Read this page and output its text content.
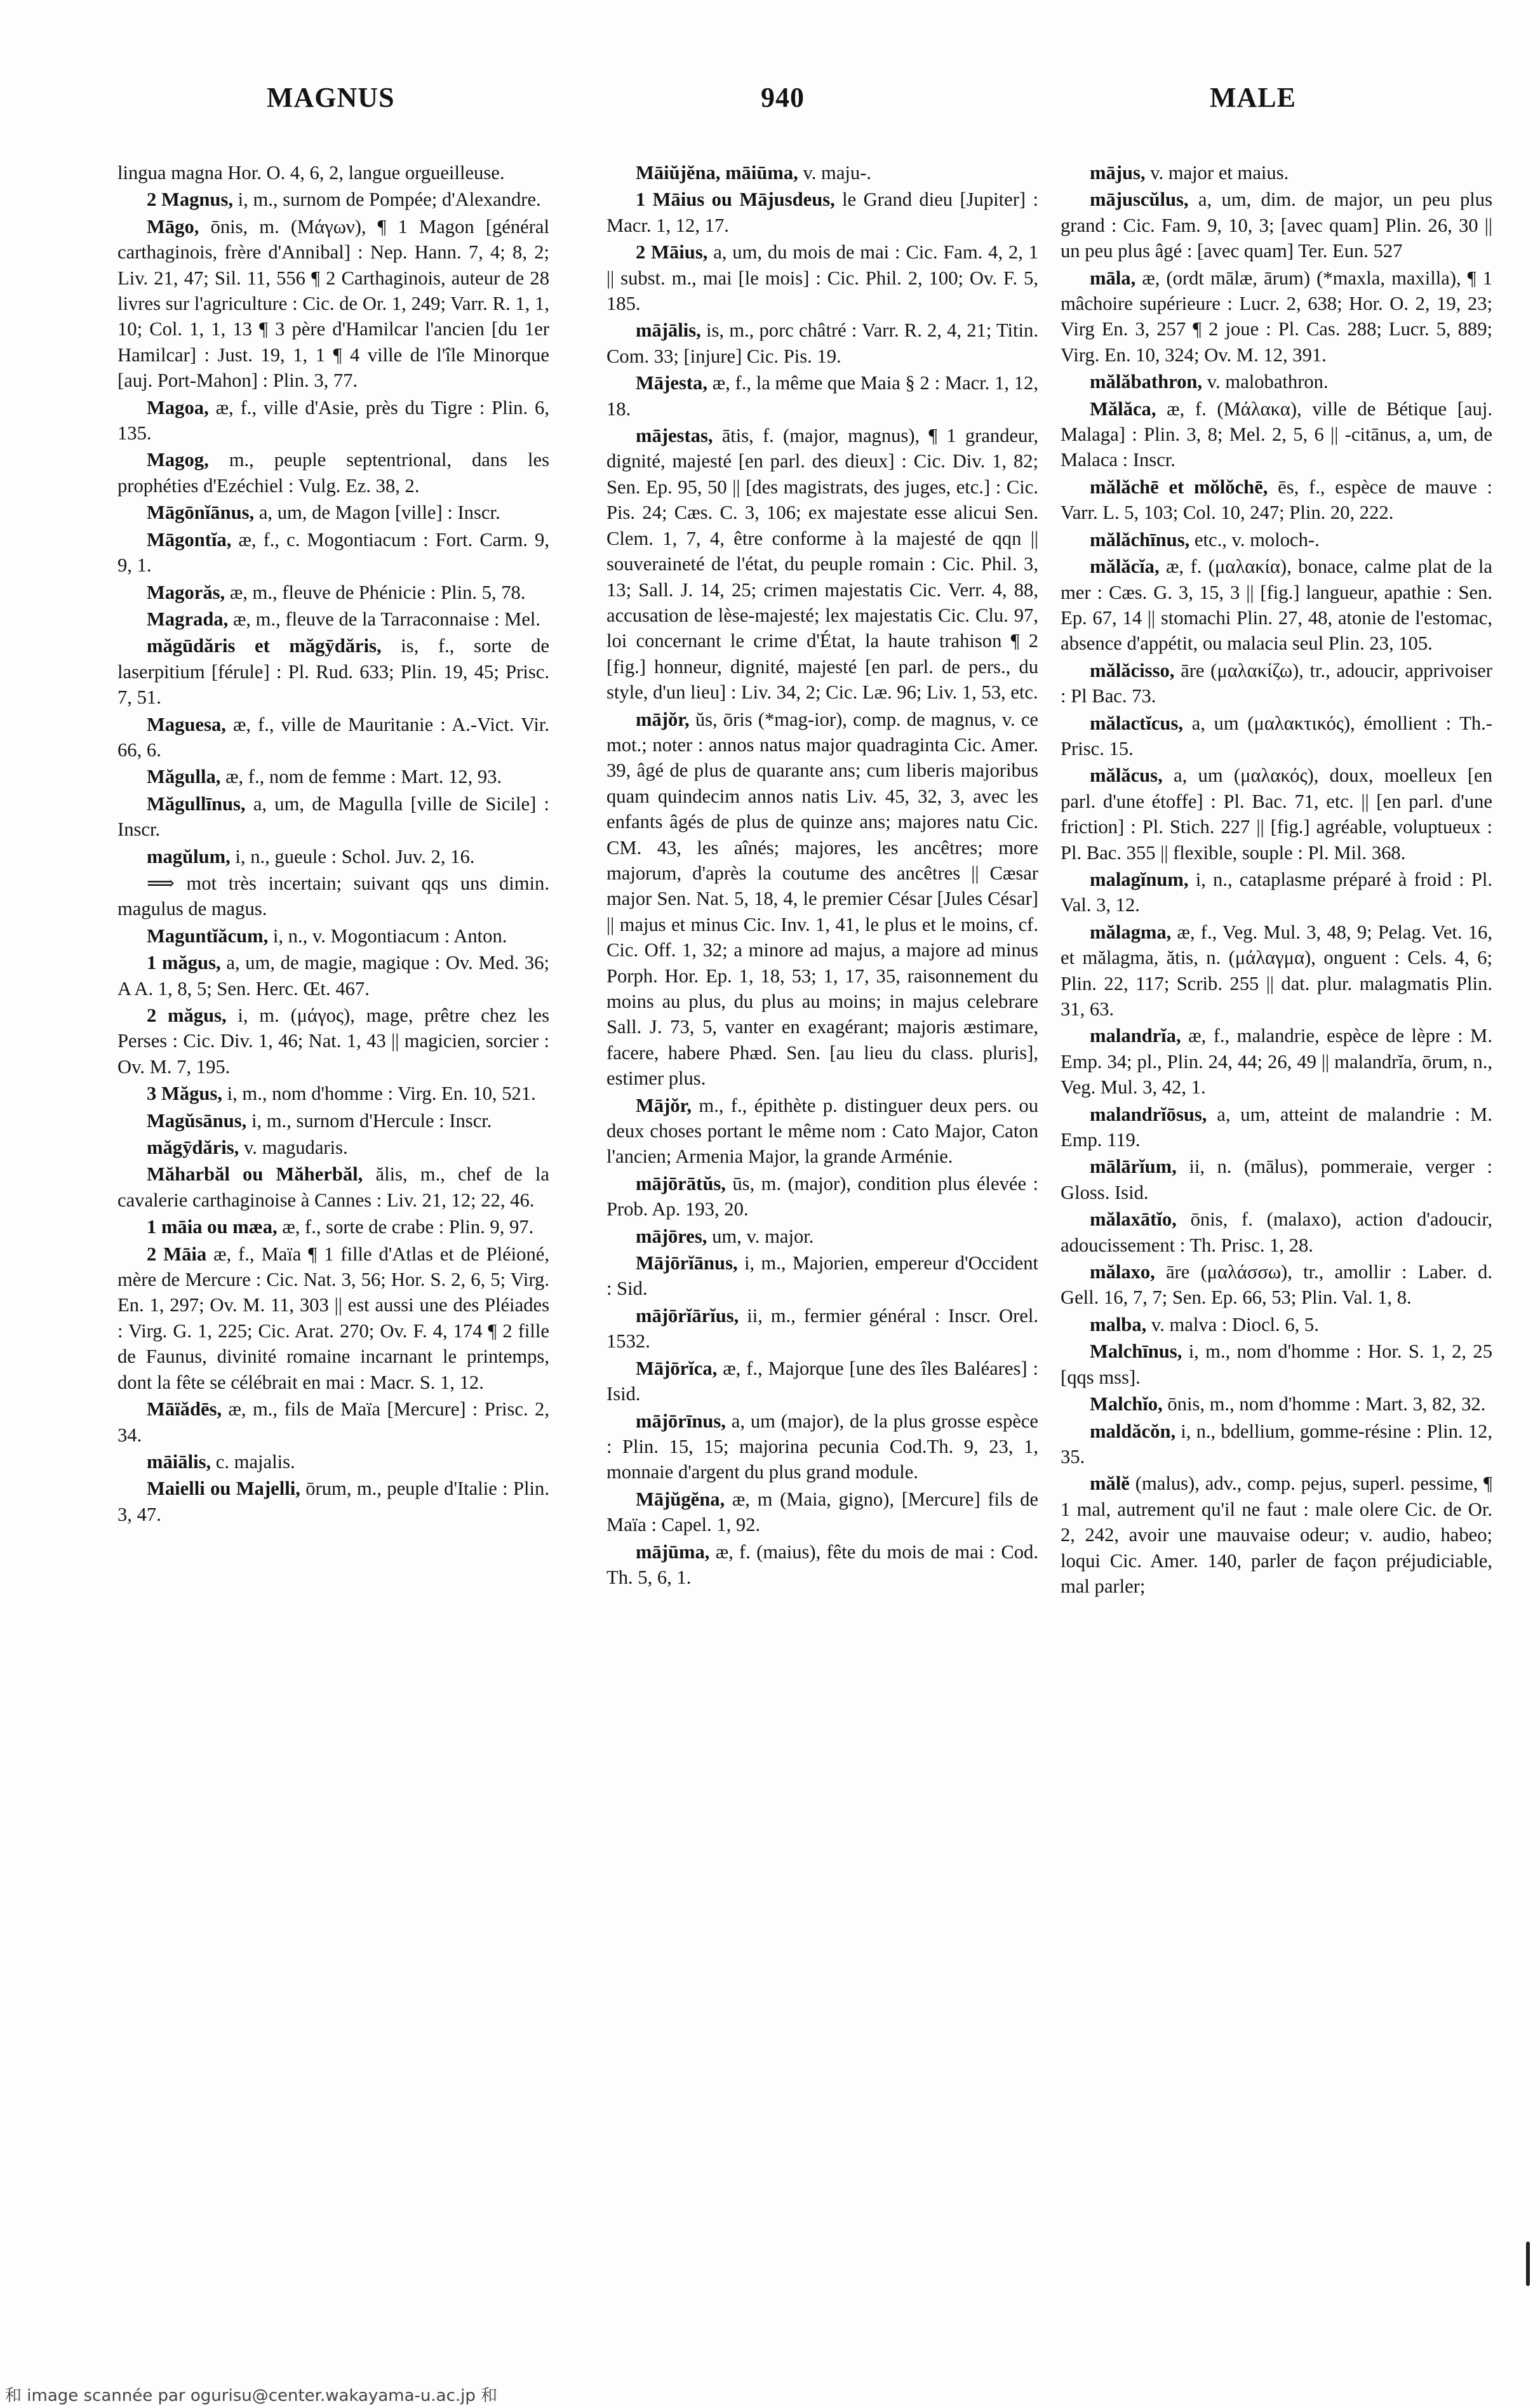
MAGNUS	940	MALE
lingua magna Hor. O. 4, 6, 2, langue orgueilleuse.
2 Magnus, i, m., surnom de Pompée; d'Alexandre.
Māgo, ōnis, m. (Μάγων), ¶ 1 Magon [général carthaginois, frère d'Annibal] : Nep. Hann. 7, 4; 8, 2; Liv. 21, 47; Sil. 11, 556 ¶ 2 Carthaginois, auteur de 28 livres sur l'agriculture : Cic. de Or. 1, 249; Varr. R. 1, 1, 10; Col. 1, 1, 13 ¶ 3 père d'Hamilcar l'ancien [du 1er Hamilcar] : Just. 19, 1, 1 ¶ 4 ville de l'île Minorque [auj. Port-Mahon] : Plin. 3, 77.
Magoa, æ, f., ville d'Asie, près du Tigre : Plin. 6, 135.
Magog, m., peuple septentrional, dans les prophéties d'Ezéchiel : Vulg. Ez. 38, 2.
Māgōnĭānus, a, um, de Magon [ville] : Inscr.
Māgontĭa, æ, f., c. Mogontiacum : Fort. Carm. 9, 9, 1.
Magorăs, æ, m., fleuve de Phénicie : Plin. 5, 78.
Magrada, æ, m., fleuve de la Tarraconnaise : Mel.
măgūdăris et măgȳdăris, is, f., sorte de laserpitium [férule] : Pl. Rud. 633; Plin. 19, 45; Prisc. 7, 51.
Maguesa, æ, f., ville de Mauritanie : A.-Vict. Vir. 66, 6.
Măgulla, æ, f., nom de femme : Mart. 12, 93.
Măgullīnus, a, um, de Magulla [ville de Sicile] : Inscr.
magŭlum, i, n., gueule : Schol. Juv. 2, 16.
⟹ mot très incertain; suivant qqs uns dimin. magulus de magus.
Maguntĭăcum, i, n., v. Mogontiacum : Anton.
1 măgus, a, um, de magie, magique : Ov. Med. 36; A A. 1, 8, 5; Sen. Herc. Œt. 467.
2 măgus, i, m. (μάγος), mage, prêtre chez les Perses : Cic. Div. 1, 46; Nat. 1, 43 || magicien, sorcier : Ov. M. 7, 195.
3 Măgus, i, m., nom d'homme : Virg. En. 10, 521.
Magŭsānus, i, m., surnom d'Hercule : Inscr.
măgȳdăris, v. magudaris.
Măharbăl ou Măherbăl, ălis, m., chef de la cavalerie carthaginoise à Cannes : Liv. 21, 12; 22, 46.
1 māia ou mæa, æ, f., sorte de crabe : Plin. 9, 97.
2 Māia æ, f., Maïa ¶ 1 fille d'Atlas et de Pléioné, mère de Mercure : Cic. Nat. 3, 56; Hor. S. 2, 6, 5; Virg. En. 1, 297; Ov. M. 11, 303 || est aussi une des Pléiades : Virg. G. 1, 225; Cic. Arat. 270; Ov. F. 4, 174 ¶ 2 fille de Faunus, divinité romaine incarnant le printemps, dont la fête se célébrait en mai : Macr. S. 1, 12.
Māïădēs, æ, m., fils de Maïa [Mercure] : Prisc. 2, 34.
māiālis, c. majalis.
Maielli ou Majelli, ōrum, m., peuple d'Italie : Plin. 3, 47.
Māiŭjĕna, māiūma, v. maju-.
1 Māius ou Mājusdeus, le Grand dieu [Jupiter] : Macr. 1, 12, 17.
2 Māius, a, um, du mois de mai : Cic. Fam. 4, 2, 1 || subst. m., mai [le mois] : Cic. Phil. 2, 100; Ov. F. 5, 185.
mājālis, is, m., porc châtré : Varr. R. 2, 4, 21; Titin. Com. 33; [injure] Cic. Pis. 19.
Mājesta, æ, f., la même que Maia § 2 : Macr. 1, 12, 18.
mājestas, ātis, f. (major, magnus), ¶ 1 grandeur, dignité, majesté [en parl. des dieux] : Cic. Div. 1, 82; Sen. Ep. 95, 50 || [des magistrats, des juges, etc.] : Cic. Pis. 24; Cæs. C. 3, 106; ex majestate esse alicui Sen. Clem. 1, 7, 4, être conforme à la majesté de qqn || souveraineté de l'état, du peuple romain : Cic. Phil. 3, 13; Sall. J. 14, 25; crimen majestatis Cic. Verr. 4, 88, accusation de lèse-majesté; lex majestatis Cic. Clu. 97, loi concernant le crime d'État, la haute trahison ¶ 2 [fig.] honneur, dignité, majesté [en parl. de pers., du style, d'un lieu] : Liv. 34, 2; Cic. Læ. 96; Liv. 1, 53, etc.
mājŏr, ŭs, ōris (*mag-ior), comp. de magnus, v. ce mot.; noter : annos natus major quadraginta Cic. Amer. 39, âgé de plus de quarante ans; cum liberis majoribus quam quindecim annos natis Liv. 45, 32, 3, avec les enfants âgés de plus de quinze ans; majores natu Cic. CM. 43, les aînés; majores, les ancêtres; more majorum, d'après la coutume des ancêtres || Cæsar major Sen. Nat. 5, 18, 4, le premier César [Jules César] || majus et minus Cic. Inv. 1, 41, le plus et le moins, cf. Cic. Off. 1, 32; a minore ad majus, a majore ad minus Porph. Hor. Ep. 1, 18, 53; 1, 17, 35, raisonnement du moins au plus, du plus au moins; in majus celebrare Sall. J. 73, 5, vanter en exagérant; majoris æstimare, facere, habere Phæd. Sen. [au lieu du class. pluris], estimer plus.
Mājŏr, m., f., épithète p. distinguer deux pers. ou deux choses portant le même nom : Cato Major, Caton l'ancien; Armenia Major, la grande Arménie.
mājōrātŭs, ūs, m. (major), condition plus élevée : Prob. Ap. 193, 20.
mājōres, um, v. major.
Mājōrĭānus, i, m., Majorien, empereur d'Occident : Sid.
mājōrĭārĭus, ii, m., fermier général : Inscr. Orel. 1532.
Mājōrĭca, æ, f., Majorque [une des îles Baléares] : Isid.
mājōrīnus, a, um (major), de la plus grosse espèce : Plin. 15, 15; majorina pecunia Cod.Th. 9, 23, 1, monnaie d'argent du plus grand module.
Mājŭgĕna, æ, m (Maia, gigno), [Mercure] fils de Maïa : Capel. 1, 92.
mājūma, æ, f. (maius), fête du mois de mai : Cod. Th. 5, 6, 1.
mājus, v. major et maius.
mājuscŭlus, a, um, dim. de major, un peu plus grand : Cic. Fam. 9, 10, 3; [avec quam] Plin. 26, 30 || un peu plus âgé : [avec quam] Ter. Eun. 527
māla, æ, (ordt mālæ, ārum) (*maxla, maxilla), ¶ 1 mâchoire supérieure : Lucr. 2, 638; Hor. O. 2, 19, 23; Virg En. 3, 257 ¶ 2 joue : Pl. Cas. 288; Lucr. 5, 889; Virg. En. 10, 324; Ov. M. 12, 391.
mălăbathron, v. malobathron.
Mălăca, æ, f. (Μάλακα), ville de Bétique [auj. Malaga] : Plin. 3, 8; Mel. 2, 5, 6 || -citānus, a, um, de Malaca : Inscr.
mălăchē et mŏlŏchē, ēs, f., espèce de mauve : Varr. L. 5, 103; Col. 10, 247; Plin. 20, 222.
mălăchīnus, etc., v. moloch-.
mălăcĭa, æ, f. (μαλακία), bonace, calme plat de la mer : Cæs. G. 3, 15, 3 || [fig.] langueur, apathie : Sen. Ep. 67, 14 || stomachi Plin. 27, 48, atonie de l'estomac, absence d'appétit, ou malacia seul Plin. 23, 105.
mălăcisso, āre (μαλακίζω), tr., adoucir, apprivoiser : Pl Bac. 73.
mălactĭcus, a, um (μαλακτικός), émollient : Th.-Prisc. 15.
mălăcus, a, um (μαλακός), doux, moelleux [en parl. d'une étoffe] : Pl. Bac. 71, etc. || [en parl. d'une friction] : Pl. Stich. 227 || [fig.] agréable, voluptueux : Pl. Bac. 355 || flexible, souple : Pl. Mil. 368.
malagĭnum, i, n., cataplasme préparé à froid : Pl. Val. 3, 12.
mălagma, æ, f., Veg. Mul. 3, 48, 9; Pelag. Vet. 16, et mălagma, ătis, n. (μάλαγμα), onguent : Cels. 4, 6; Plin. 22, 117; Scrib. 255 || dat. plur. malagmatis Plin. 31, 63.
malandrĭa, æ, f., malandrie, espèce de lèpre : M. Emp. 34; pl., Plin. 24, 44; 26, 49 || malandrĭa, ōrum, n., Veg. Mul. 3, 42, 1.
malandrĭōsus, a, um, atteint de malandrie : M. Emp. 119.
mālārĭum, ii, n. (mālus), pommeraie, verger : Gloss. Isid.
mălaxātĭo, ōnis, f. (malaxo), action d'adoucir, adoucissement : Th. Prisc. 1, 28.
mălaxo, āre (μαλάσσω), tr., amollir : Laber. d. Gell. 16, 7, 7; Sen. Ep. 66, 53; Plin. Val. 1, 8.
malba, v. malva : Diocl. 6, 5.
Malchīnus, i, m., nom d'homme : Hor. S. 1, 2, 25 [qqs mss].
Malchĭo, ōnis, m., nom d'homme : Mart. 3, 82, 32.
maldăcŏn, i, n., bdellium, gomme-résine : Plin. 12, 35.
mălĕ (malus), adv., comp. pejus, superl. pessime, ¶ 1 mal, autrement qu'il ne faut : male olere Cic. de Or. 2, 242, avoir une mauvaise odeur; v. audio, habeo; loqui Cic. Amer. 140, parler de façon préjudiciable, mal parler;
和 image scannée par ogurisu@center.wakayama-u.ac.jp 和
